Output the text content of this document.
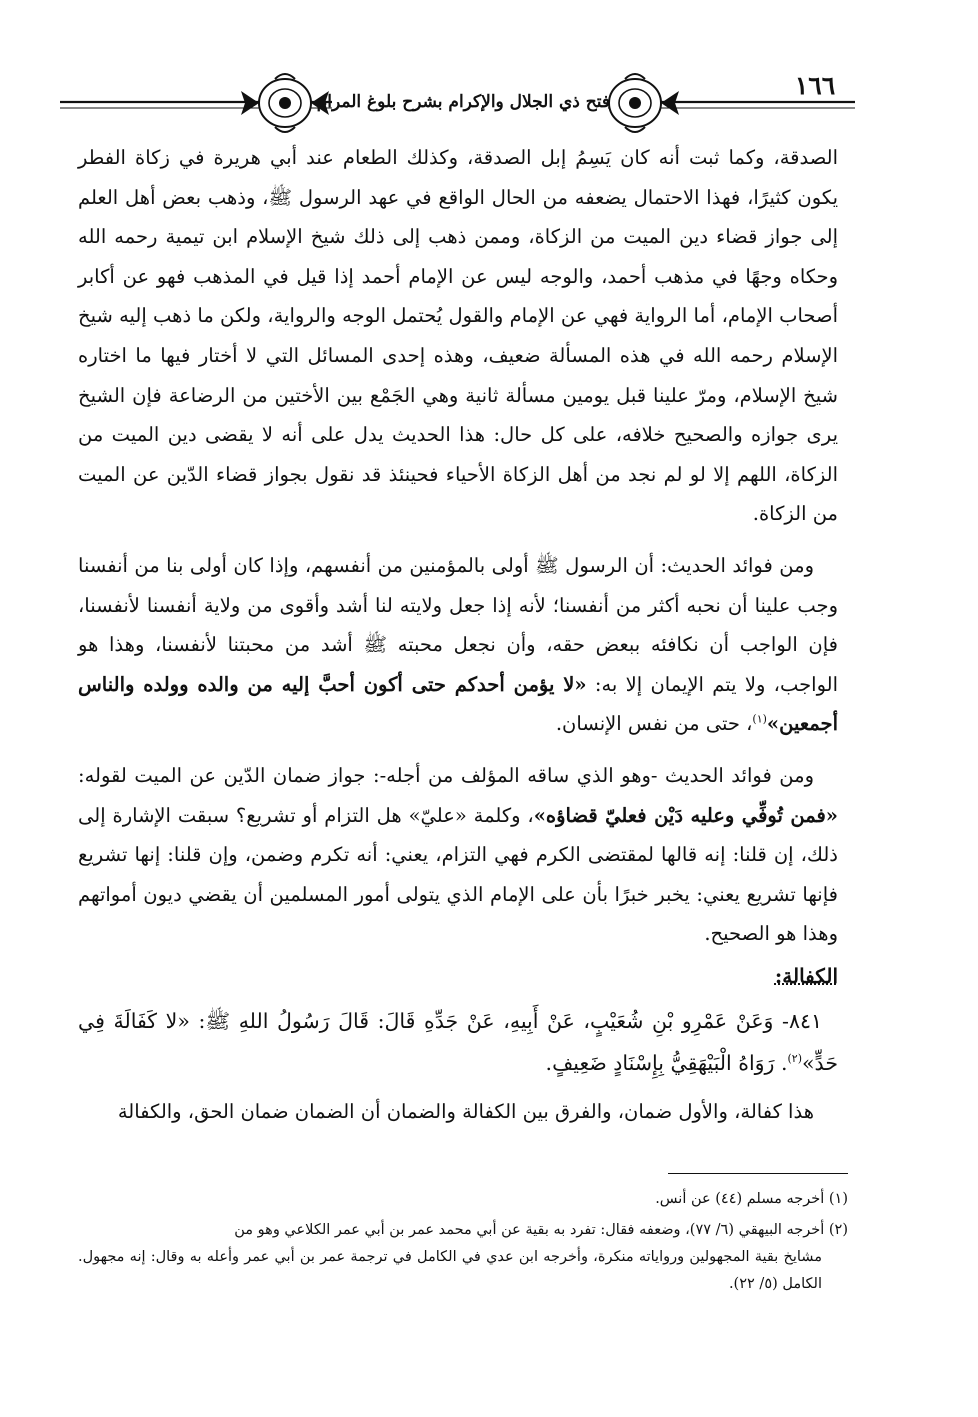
فتح ذي الجلال والإكرام بشرح بلوغ المرام
١٦٦

الصدقة، وكما ثبت أنه كان يَسِمُ إبل الصدقة، وكذلك الطعام عند أبي هريرة في زكاة الفطر يكون كثيرًا، فهذا الاحتمال يضعفه من الحال الواقع في عهد الرسول ﷺ، وذهب بعض أهل العلم إلى جواز قضاء دين الميت من الزكاة، وممن ذهب إلى ذلك شيخ الإسلام ابن تيمية رحمه الله وحكاه وجهًا في مذهب أحمد، والوجه ليس عن الإمام أحمد إذا قيل في المذهب فهو عن أكابر أصحاب الإمام، أما الرواية فهي عن الإمام والقول يُحتمل الوجه والرواية، ولكن ما ذهب إليه شيخ الإسلام رحمه الله في هذه المسألة ضعيف، وهذه إحدى المسائل التي لا أختار فيها ما اختاره شيخ الإسلام، ومرّ علينا قبل يومين مسألة ثانية وهي الجَمْع بين الأختين من الرضاعة فإن الشيخ يرى جوازه والصحيح خلافه، على كل حال: هذا الحديث يدل على أنه لا يقضى دين الميت من الزكاة، اللهم إلا لو لم نجد من أهل الزكاة الأحياء فحينئذ قد نقول بجواز قضاء الدّين عن الميت من الزكاة.

ومن فوائد الحديث: أن الرسول ﷺ أولى بالمؤمنين من أنفسهم، وإذا كان أولى بنا من أنفسنا وجب علينا أن نحبه أكثر من أنفسنا؛ لأنه إذا جعل ولايته لنا أشد وأقوى من ولاية أنفسنا لأنفسنا، فإن الواجب أن نكافئه ببعض حقه، وأن نجعل محبته ﷺ أشد من محبتنا لأنفسنا، وهذا هو الواجب، ولا يتم الإيمان إلا به: «لا يؤمن أحدكم حتى أكون أحبَّ إليه من والده وولده والناس أجمعين»$^{(١)}$، حتى من نفس الإنسان.

ومن فوائد الحديث -وهو الذي ساقه المؤلف من أجله-: جواز ضمان الدّين عن الميت لقوله: «فمن تُوفِّي وعليه دَيْن فعليّ قضاؤه»، وكلمة «عليّ» هل التزام أو تشريع؟ سبقت الإشارة إلى ذلك، إن قلنا: إنه قالها لمقتضى الكرم فهي التزام، يعني: أنه تكرم وضمن، وإن قلنا: إنها تشريع فإنها تشريع يعني: يخبر خبرًا بأن على الإمام الذي يتولى أمور المسلمين أن يقضي ديون أمواتهم وهذا هو الصحيح.

الكفالة:

٨٤١- وَعَنْ عَمْرِو بْنِ شُعَيْبٍ، عَنْ أَبِيهِ، عَنْ جَدِّهِ قَالَ: قَالَ رَسُولُ اللهِ ﷺ: «لا كَفَالَةَ فِي حَدٍّ»$^{(٢)}$. رَوَاهُ الْبَيْهَقِيُّ بِإِسْنَادٍ ضَعِيفٍ.

هذا كفالة، والأول ضمان، والفرق بين الكفالة والضمان أن الضمان ضمان الحق، والكفالة

(١) أخرجه مسلم (٤٤) عن أنس.

(٢) أخرجه البيهقي (٦/ ٧٧)، وضعفه فقال: تفرد به بقية عن أبي محمد عمر بن أبي عمر الكلاعي وهو من

مشايخ بقية المجهولين ورواياته منكرة، وأخرجه ابن عدي في الكامل في ترجمة عمر بن أبي عمر وأعله به وقال: إنه مجهول. الكامل (٥/ ٢٢).
